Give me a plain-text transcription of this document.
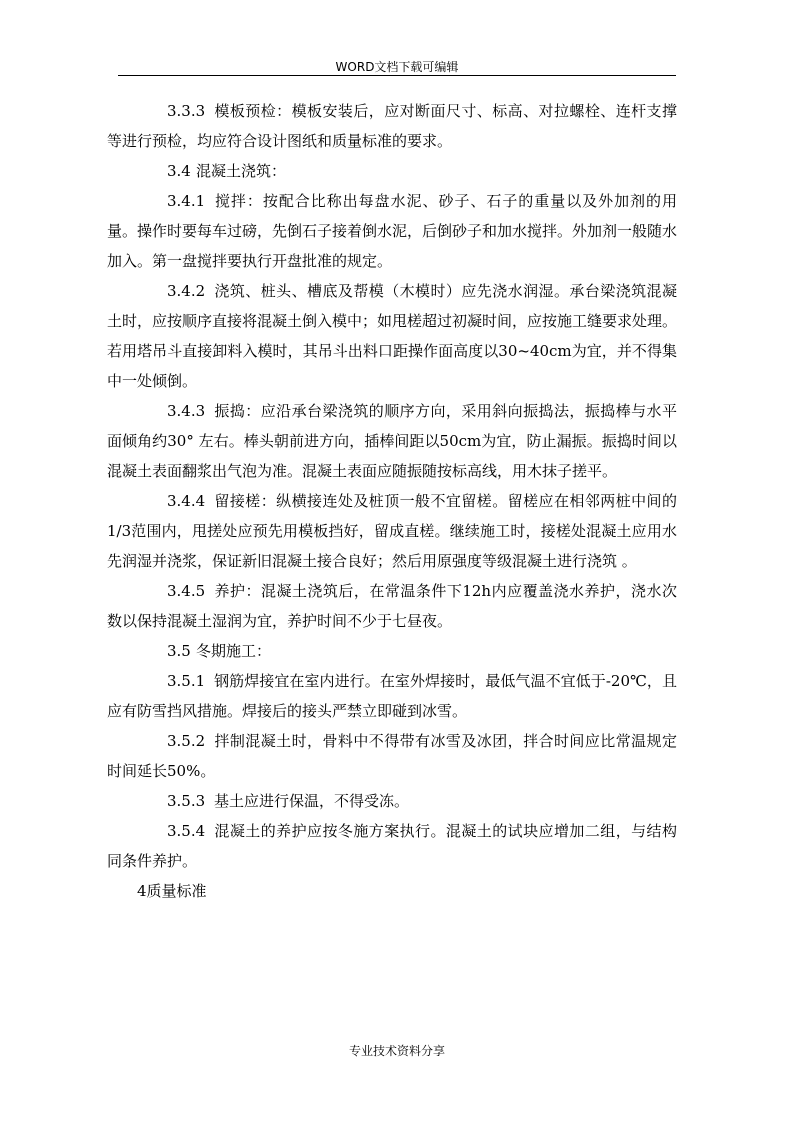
WORD文档下载可编辑

3.3.3 模板预检：模板安装后，应对断面尺寸、标高、对拉螺栓、连杆支撑等进行预检，均应符合设计图纸和质量标准的要求。

3.4 混凝土浇筑：

3.4.1 搅拌：按配合比称出每盘水泥、砂子、石子的重量以及外加剂的用量。操作时要每车过磅，先倒石子接着倒水泥，后倒砂子和加水搅拌。外加剂一般随水加入。第一盘搅拌要执行开盘批准的规定。

3.4.2 浇筑、桩头、槽底及帮模（木模时）应先浇水润湿。承台梁浇筑混凝土时，应按顺序直接将混凝土倒入模中；如甩槎超过初凝时间，应按施工缝要求处理。若用塔吊斗直接卸料入模时，其吊斗出料口距操作面高度以30~40cm为宜，并不得集中一处倾倒。

3.4.3 振捣：应沿承台梁浇筑的顺序方向，采用斜向振捣法，振捣棒与水平面倾角约30° 左右。棒头朝前进方向，插棒间距以50cm为宜，防止漏振。振捣时间以混凝土表面翻浆出气泡为准。混凝土表面应随振随按标高线，用木抹子搓平。

3.4.4 留接槎：纵横接连处及桩顶一般不宜留槎。留槎应在相邻两桩中间的1/3范围内，甩搓处应预先用模板挡好，留成直槎。继续施工时，接槎处混凝土应用水先润湿并浇浆，保证新旧混凝土接合良好；然后用原强度等级混凝土进行浇筑 。

3.4.5 养护：混凝土浇筑后，在常温条件下12h内应覆盖浇水养护，浇水次数以保持混凝土湿润为宜，养护时间不少于七昼夜。

3.5 冬期施工：

3.5.1 钢筋焊接宜在室内进行。在室外焊接时，最低气温不宜低于-20℃，且应有防雪挡风措施。焊接后的接头严禁立即碰到冰雪。

3.5.2 拌制混凝土时，骨料中不得带有冰雪及冰团，拌合时间应比常温规定时间延长50%。

3.5.3 基土应进行保温，不得受冻。

3.5.4 混凝土的养护应按冬施方案执行。混凝土的试块应增加二组，与结构同条件养护。

4质量标准

专业技术资料分享
